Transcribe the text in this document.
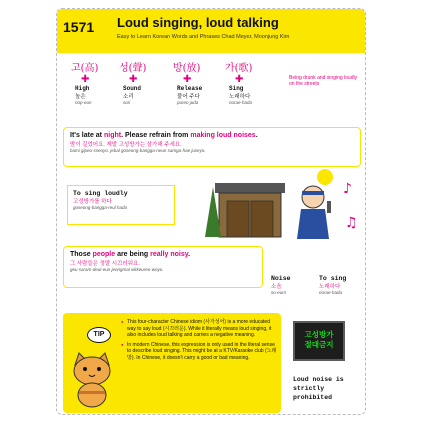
1571 Loud singing, loud talking
Easy to Learn Korean Words and Phrases Chad Meyer, Moonjung Kim
고(高)
✚
High
높은
nop-eun
성(聲)
✚
Sound
소리
sori
방(放)
✚
Release
풀어 주다
pureo juda
가(歌)
✚
Sing
노래하다
norae-hada
Being drunk and singing loudly on the streets
It's late at night. Please refrain from making loud noises.
밤이 깊었어요. 제발 고성방가는 삼가해 주세요.
bami gipeo-sseoyo. jebal goseong-bangga-neun samga-hae juseyo.
To sing loudly
고성방가를 하다
goseong-bangga-reul hada
♪
♫
Those people are being really noisy.
그 사람들은 정말 시끄러워요.
geu saram-deul-eun jeongmal sikkeureo-woyo.
Noise
소음
so-eum
To sing
노래하다
norae-hada
TIP

● This four-character Chinese idiom (사자성어) is a more educated way to say loud (시끄러운). While it literally means loud singing, it also includes loud talking and carries a negative meaning.

● In modern Chinese, this expression is only used in the literal sense to describe loud singing. This might be at a KTV/Karaoke club (노래방). In Chinese, it doesn't carry a good or bad meaning.

고성방가
절대금지
Loud noise is strictly prohibited
